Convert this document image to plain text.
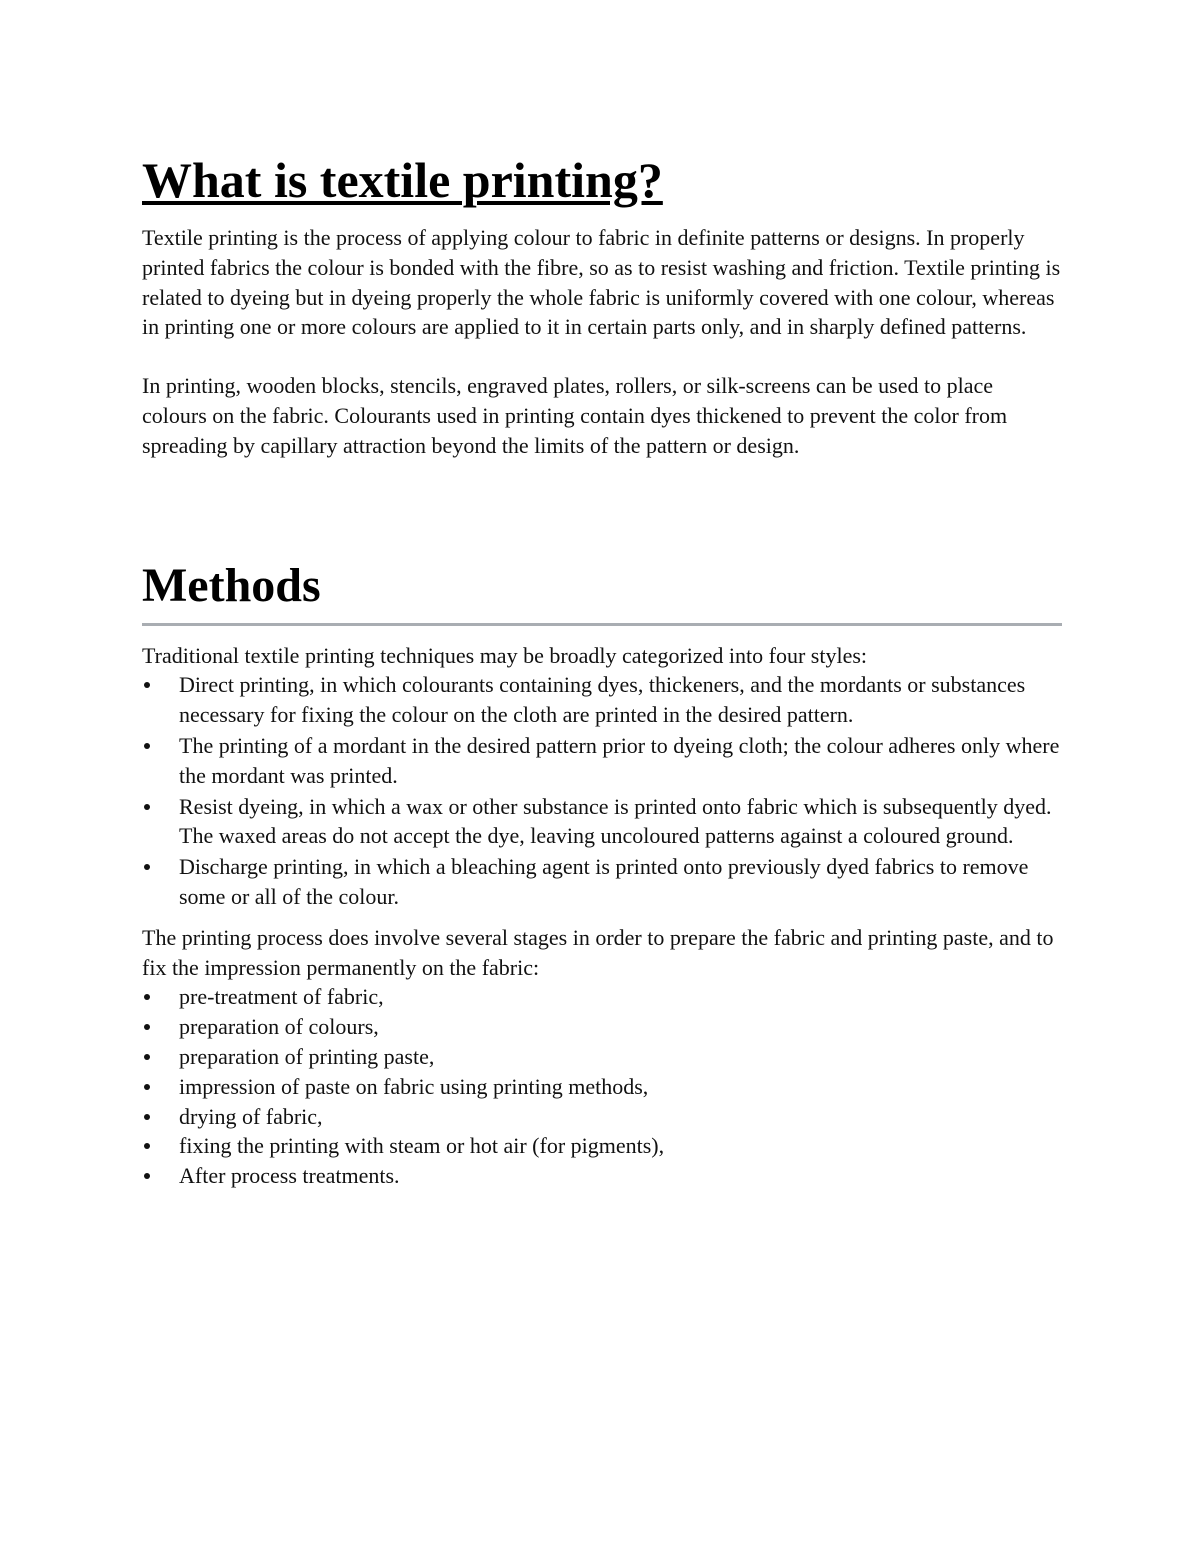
What is textile printing?

Textile printing is the process of applying colour to fabric in definite patterns or designs. In properly printed fabrics the colour is bonded with the fibre, so as to resist washing and friction. Textile printing is related to dyeing but in dyeing properly the whole fabric is uniformly covered with one colour, whereas in printing one or more colours are applied to it in certain parts only, and in sharply defined patterns.

In printing, wooden blocks, stencils, engraved plates, rollers, or silk-screens can be used to place colours on the fabric. Colourants used in printing contain dyes thickened to prevent the color from spreading by capillary attraction beyond the limits of the pattern or design.

Methods

Traditional textile printing techniques may be broadly categorized into four styles:

Direct printing, in which colourants containing dyes, thickeners, and the mordants or substances necessary for fixing the colour on the cloth are printed in the desired pattern.
The printing of a mordant in the desired pattern prior to dyeing cloth; the colour adheres only where the mordant was printed.
Resist dyeing, in which a wax or other substance is printed onto fabric which is subsequently dyed. The waxed areas do not accept the dye, leaving uncoloured patterns against a coloured ground.
Discharge printing, in which a bleaching agent is printed onto previously dyed fabrics to remove some or all of the colour.

The printing process does involve several stages in order to prepare the fabric and printing paste, and to fix the impression permanently on the fabric:

pre-treatment of fabric,
preparation of colours,
preparation of printing paste,
impression of paste on fabric using printing methods,
drying of fabric,
fixing the printing with steam or hot air (for pigments),
After process treatments.
